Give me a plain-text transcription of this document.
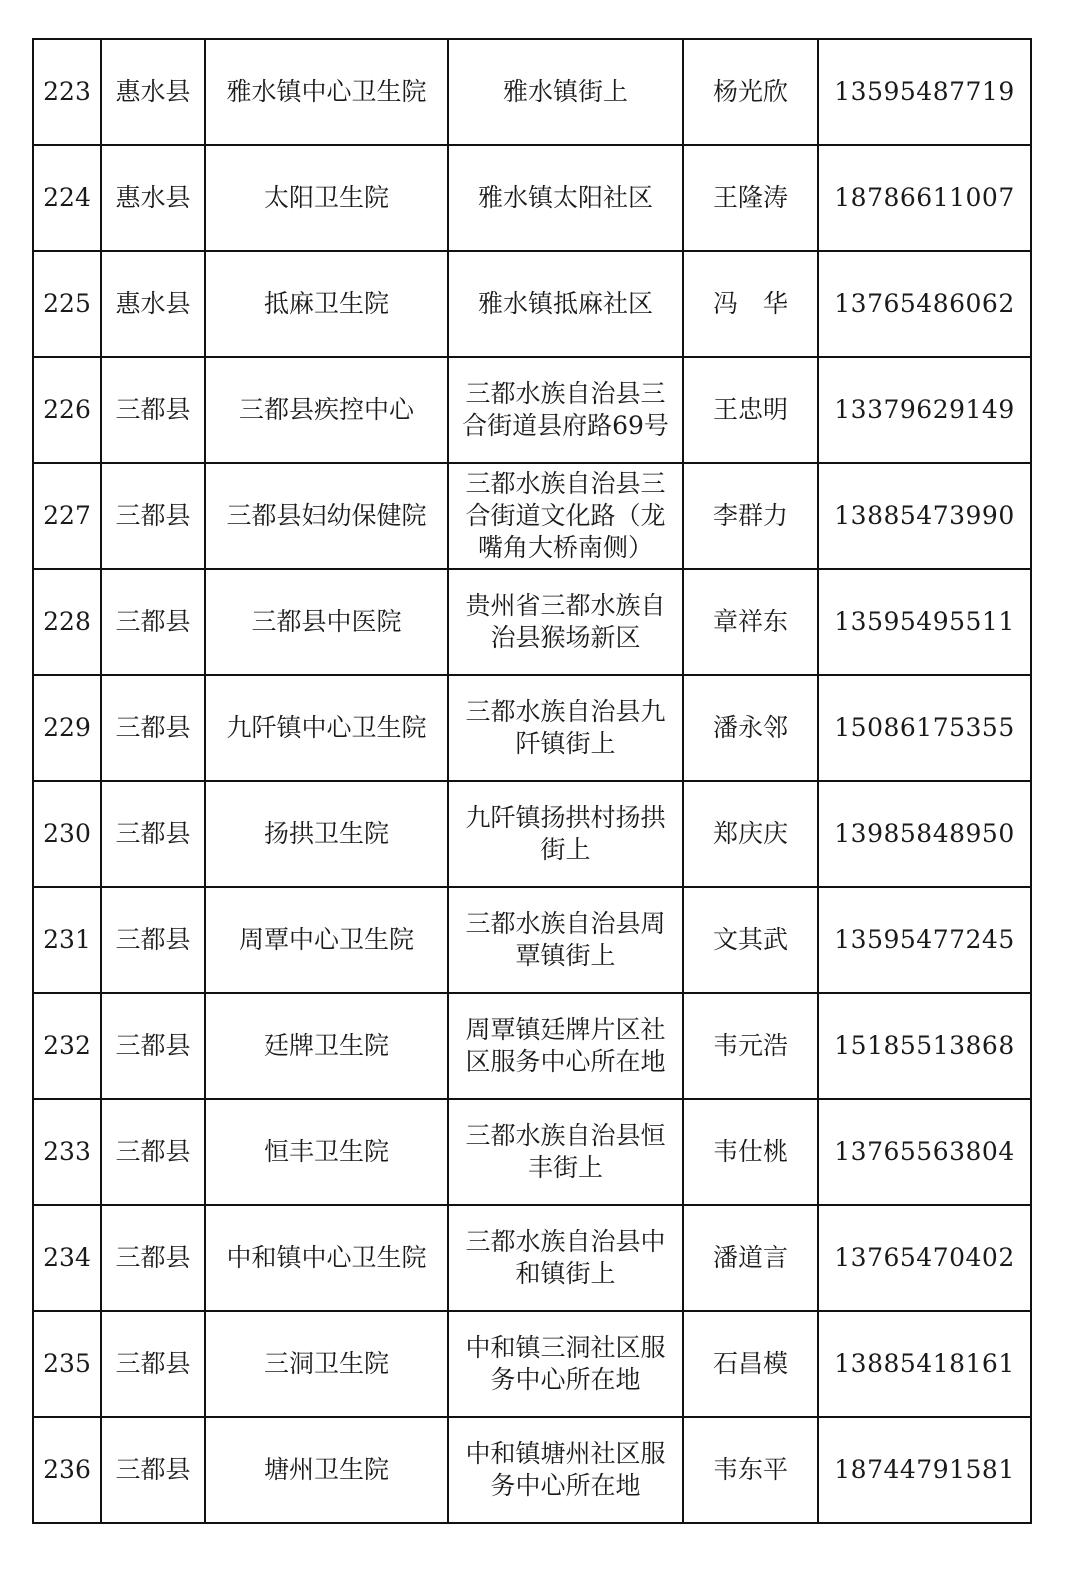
223	惠水县	雅水镇中心卫生院	雅水镇街上	杨光欣	13595487719
224	惠水县	太阳卫生院	雅水镇太阳社区	王隆涛	18786611007
225	惠水县	抵麻卫生院	雅水镇抵麻社区	冯　华	13765486062
226	三都县	三都县疾控中心	三都水族自治县三合街道县府路69号	王忠明	13379629149
227	三都县	三都县妇幼保健院	三都水族自治县三合街道文化路（龙嘴角大桥南侧）	李群力	13885473990
228	三都县	三都县中医院	贵州省三都水族自治县猴场新区	章祥东	13595495511
229	三都县	九阡镇中心卫生院	三都水族自治县九阡镇街上	潘永邻	15086175355
230	三都县	扬拱卫生院	九阡镇扬拱村扬拱街上	郑庆庆	13985848950
231	三都县	周覃中心卫生院	三都水族自治县周覃镇街上	文其武	13595477245
232	三都县	廷牌卫生院	周覃镇廷牌片区社区服务中心所在地	韦元浩	15185513868
233	三都县	恒丰卫生院	三都水族自治县恒丰街上	韦仕桃	13765563804
234	三都县	中和镇中心卫生院	三都水族自治县中和镇街上	潘道言	13765470402
235	三都县	三洞卫生院	中和镇三洞社区服务中心所在地	石昌模	13885418161
236	三都县	塘州卫生院	中和镇塘州社区服务中心所在地	韦东平	18744791581
